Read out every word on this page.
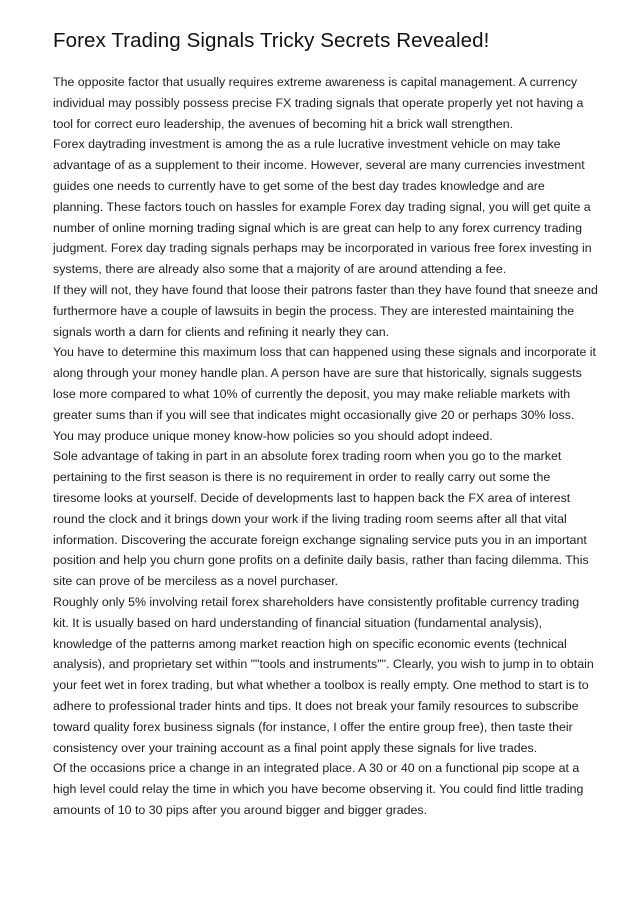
Forex Trading Signals Tricky Secrets Revealed!

The opposite factor that usually requires extreme awareness is capital management. A currency individual may possibly possess precise FX trading signals that operate properly yet not having a tool for correct euro leadership, the avenues of becoming hit a brick wall strengthen.

Forex daytrading investment is among the as a rule lucrative investment vehicle on may take advantage of as a supplement to their income. However, several are many currencies investment guides one needs to currently have to get some of the best day trades knowledge and are planning. These factors touch on hassles for example Forex day trading signal, you will get quite a number of online morning trading signal which is are great can help to any forex currency trading judgment. Forex day trading signals perhaps may be incorporated in various free forex investing in systems, there are already also some that a majority of are around attending a fee.

If they will not, they have found that loose their patrons faster than they have found that sneeze and furthermore have a couple of lawsuits in begin the process. They are interested maintaining the signals worth a darn for clients and refining it nearly they can.

You have to determine this maximum loss that can happened using these signals and incorporate it along through your money handle plan. A person have are sure that historically, signals suggests lose more compared to what 10% of currently the deposit, you may make reliable markets with greater sums than if you will see that indicates might occasionally give 20 or perhaps 30% loss. You may produce unique money know-how policies so you should adopt indeed.

Sole advantage of taking in part in an absolute forex trading room when you go to the market pertaining to the first season is there is no requirement in order to really carry out some the tiresome looks at yourself. Decide of developments last to happen back the FX area of interest round the clock and it brings down your work if the living trading room seems after all that vital information. Discovering the accurate foreign exchange signaling service puts you in an important position and help you churn gone profits on a definite daily basis, rather than facing dilemma. This site can prove of be merciless as a novel purchaser.

Roughly only 5% involving retail forex shareholders have consistently profitable currency trading kit. It is usually based on hard understanding of financial situation (fundamental analysis), knowledge of the patterns among market reaction high on specific economic events (technical analysis), and proprietary set within ""tools and instruments"". Clearly, you wish to jump in to obtain your feet wet in forex trading, but what whether a toolbox is really empty. One method to start is to adhere to professional trader hints and tips. It does not break your family resources to subscribe toward quality forex business signals (for instance, I offer the entire group free), then taste their consistency over your training account as a final point apply these signals for live trades.

Of the occasions price a change in an integrated place. A 30 or 40 on a functional pip scope at a high level could relay the time in which you have become observing it. You could find little trading amounts of 10 to 30 pips after you around bigger and bigger grades.
